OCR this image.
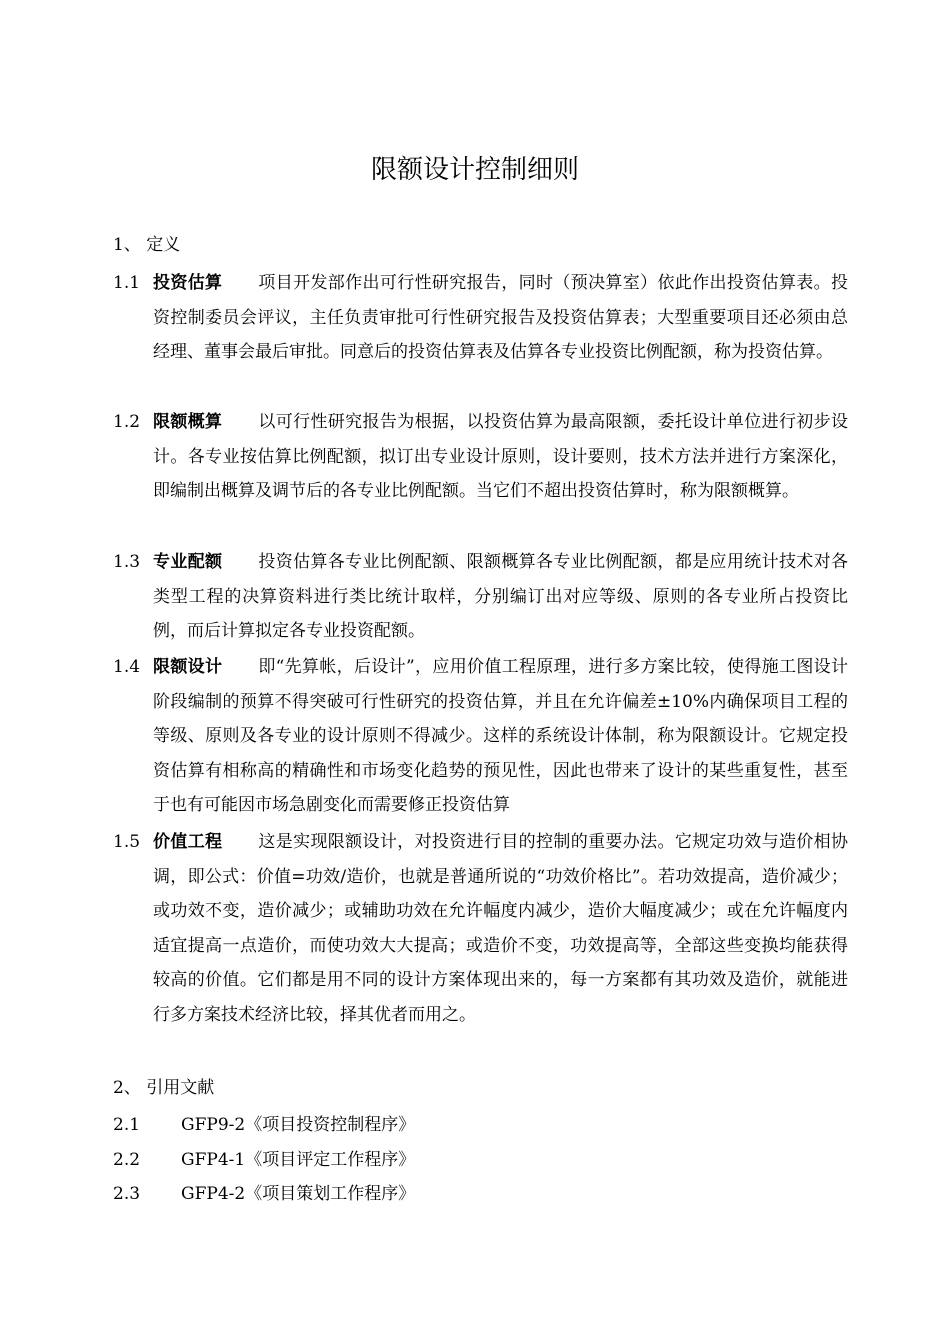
限额设计控制细则
1、 定义
1.1 投资估算 项目开发部作出可行性研究报告，同时（预决算室）依此作出投资估算表。投资控制委员会评议，主任负责审批可行性研究报告及投资估算表；大型重要项目还必须由总经理、董事会最后审批。同意后的投资估算表及估算各专业投资比例配额，称为投资估算。
1.2 限额概算 以可行性研究报告为根据，以投资估算为最高限额，委托设计单位进行初步设计。各专业按估算比例配额，拟订出专业设计原则，设计要则，技术方法并进行方案深化，即编制出概算及调节后的各专业比例配额。当它们不超出投资估算时，称为限额概算。
1.3 专业配额 投资估算各专业比例配额、限额概算各专业比例配额，都是应用统计技术对各类型工程的决算资料进行类比统计取样，分别编订出对应等级、原则的各专业所占投资比例，而后计算拟定各专业投资配额。
1.4 限额设计 即“先算帐，后设计”，应用价值工程原理，进行多方案比较，使得施工图设计阶段编制的预算不得突破可行性研究的投资估算，并且在允许偏差±10%内确保项目工程的等级、原则及各专业的设计原则不得减少。这样的系统设计体制，称为限额设计。它规定投资估算有相称高的精确性和市场变化趋势的预见性，因此也带来了设计的某些重复性，甚至于也有可能因市场急剧变化而需要修正投资估算
1.5 价值工程 这是实现限额设计，对投资进行目的控制的重要办法。它规定功效与造价相协调，即公式：价值=功效/造价，也就是普通所说的“功效价格比”。若功效提高，造价减少；或功效不变，造价减少；或辅助功效在允许幅度内减少，造价大幅度减少；或在允许幅度内适宜提高一点造价，而使功效大大提高；或造价不变，功效提高等，全部这些变换均能获得较高的价值。它们都是用不同的设计方案体现出来的，每一方案都有其功效及造价，就能进行多方案技术经济比较，择其优者而用之。
2、 引用文献
2.1 GFP9-2《项目投资控制程序》
2.2 GFP4-1《项目评定工作程序》
2.3 GFP4-2《项目策划工作程序》
